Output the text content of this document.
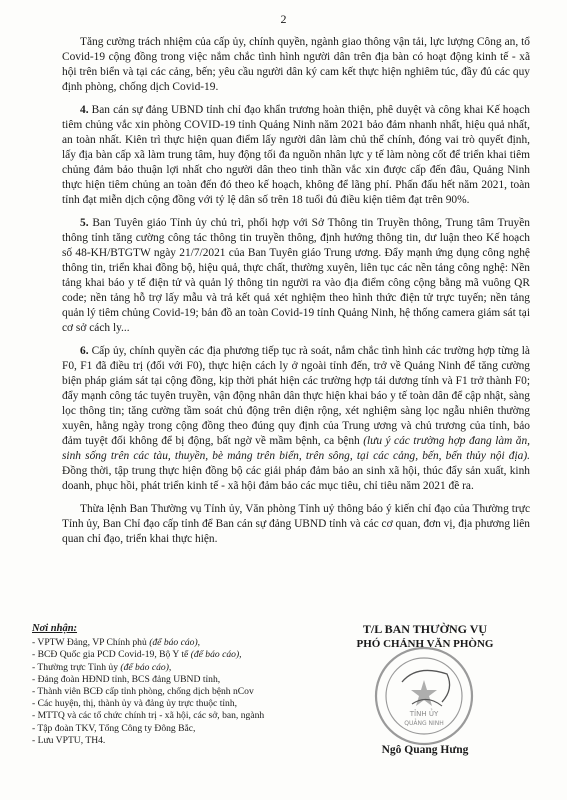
2

Tăng cường trách nhiệm của cấp ủy, chính quyền, ngành giao thông vận tải, lực lượng Công an, tổ Covid-19 cộng đồng trong việc nắm chắc tình hình người dân trên địa bàn có hoạt động kinh tế - xã hội trên biển và tại các cảng, bến; yêu cầu người dân ký cam kết thực hiện nghiêm túc, đầy đủ các quy định phòng, chống dịch Covid-19.

4. Ban cán sự đảng UBND tỉnh chỉ đạo khẩn trương hoàn thiện, phê duyệt và công khai Kế hoạch tiêm chủng vắc xin phòng COVID-19 tỉnh Quảng Ninh năm 2021 bảo đảm nhanh nhất, hiệu quả nhất, an toàn nhất. Kiên trì thực hiện quan điểm lấy người dân làm chủ thể chính, đóng vai trò quyết định, lấy địa bàn cấp xã làm trung tâm, huy động tối đa nguồn nhân lực y tế làm nòng cốt để triển khai tiêm chủng đảm bảo thuận lợi nhất cho người dân theo tinh thần vắc xin được cấp đến đâu, Quảng Ninh thực hiện tiêm chủng an toàn đến đó theo kế hoạch, không để lãng phí. Phấn đấu hết năm 2021, toàn tỉnh đạt miễn dịch cộng đồng với tỷ lệ dân số trên 18 tuổi đủ điều kiện tiêm đạt trên 90%.

5. Ban Tuyên giáo Tỉnh ủy chủ trì, phối hợp với Sở Thông tin Truyền thông, Trung tâm Truyền thông tỉnh tăng cường công tác thông tin truyền thông, định hướng thông tin, dư luận theo Kế hoạch số 48-KH/BTGTW ngày 21/7/2021 của Ban Tuyên giáo Trung ương. Đẩy mạnh ứng dụng công nghệ thông tin, triển khai đồng bộ, hiệu quả, thực chất, thường xuyên, liên tục các nền tảng công nghệ: Nền tảng khai báo y tế điện tử và quản lý thông tin người ra vào địa điểm công cộng bằng mã vuông QR code; nền tảng hỗ trợ lấy mẫu và trả kết quả xét nghiệm theo hình thức điện tử trực tuyến; nền tảng quản lý tiêm chủng Covid-19; bản đồ an toàn Covid-19 tỉnh Quảng Ninh, hệ thống camera giám sát tại cơ sở cách ly...

6. Cấp ủy, chính quyền các địa phương tiếp tục rà soát, nắm chắc tình hình các trường hợp từng là F0, F1 đã điều trị (đối với F0), thực hiện cách ly ở ngoài tỉnh đến, trở về Quảng Ninh để tăng cường biện pháp giám sát tại cộng đồng, kịp thời phát hiện các trường hợp tái dương tính và F1 trở thành F0; đẩy mạnh công tác tuyên truyền, vận động nhân dân thực hiện khai báo y tế toàn dân để cập nhật, sàng lọc thông tin; tăng cường tầm soát chủ động trên diện rộng, xét nghiệm sàng lọc ngẫu nhiên thường xuyên, hằng ngày trong cộng đồng theo đúng quy định của Trung ương và chủ trương của tỉnh, bảo đảm tuyệt đối không để bị động, bất ngờ về mầm bệnh, ca bệnh (lưu ý các trường hợp đang làm ăn, sinh sống trên các tàu, thuyền, bè mảng trên biển, trên sông, tại các cảng, bến, bến thủy nội địa). Đồng thời, tập trung thực hiện đồng bộ các giải pháp đảm bảo an sinh xã hội, thúc đẩy sản xuất, kinh doanh, phục hồi, phát triển kinh tế - xã hội đảm bảo các mục tiêu, chỉ tiêu năm 2021 đề ra.

Thừa lệnh Ban Thường vụ Tỉnh ủy, Văn phòng Tỉnh uỷ thông báo ý kiến chỉ đạo của Thường trực Tỉnh ủy, Ban Chỉ đạo cấp tỉnh để Ban cán sự đảng UBND tỉnh và các cơ quan, đơn vị, địa phương liên quan chỉ đạo, triển khai thực hiện.

Nơi nhận:
- VPTW Đảng, VP Chính phủ (để báo cáo),
- BCĐ Quốc gia PCD Covid-19, Bộ Y tế (để báo cáo),
- Thường trực Tỉnh ủy (để báo cáo),
- Đảng đoàn HĐND tỉnh, BCS đảng UBND tỉnh,
- Thành viên BCĐ cấp tỉnh phòng, chống dịch bệnh nCov
- Các huyện, thị, thành ủy và đảng ủy trực thuộc tỉnh,
- MTTQ và các tổ chức chính trị - xã hội, các sở, ban, ngành
- Tập đoàn TKV, Tổng Công ty Đông Bắc,
- Lưu VPTU, TH4.
T/L BAN THƯỜNG VỤ
PHÓ CHÁNH VĂN PHÒNG
TỈNH ỦY
QUẢNG NINH
Ngô Quang Hưng
